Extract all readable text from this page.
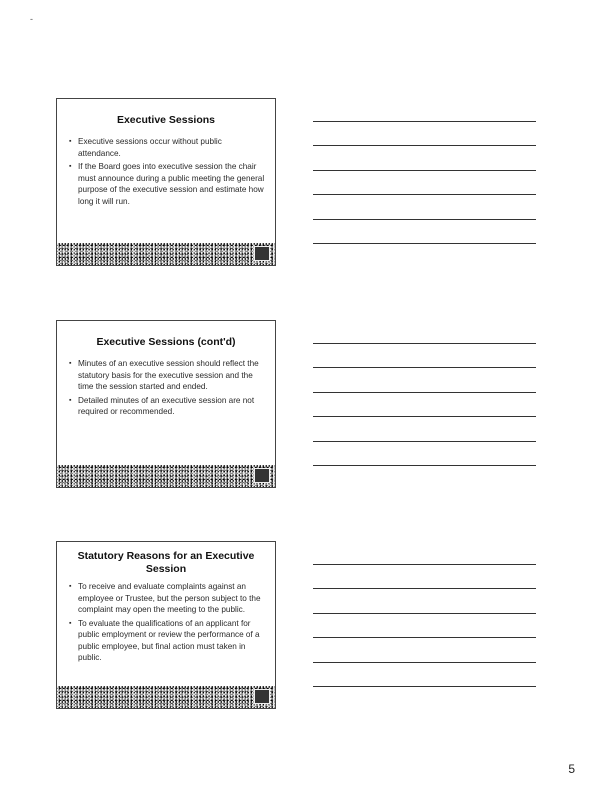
-
Executive Sessions
▪ Executive sessions occur without public attendance.
▪ If the Board goes into executive session the chair must announce during a public meeting the general purpose of the executive session and estimate how long it will run.
Executive Sessions (cont'd)
▪ Minutes of an executive session should reflect the statutory basis for the executive session and the time the session started and ended.
▪ Detailed minutes of an executive session are not required or recommended.
Statutory Reasons for an Executive Session
▪ To receive and evaluate complaints against an employee or Trustee, but the person subject to the complaint may open the meeting to the public.
▪ To evaluate the qualifications of an applicant for public employment or review the performance of a public employee, but final action must taken in public.
5
